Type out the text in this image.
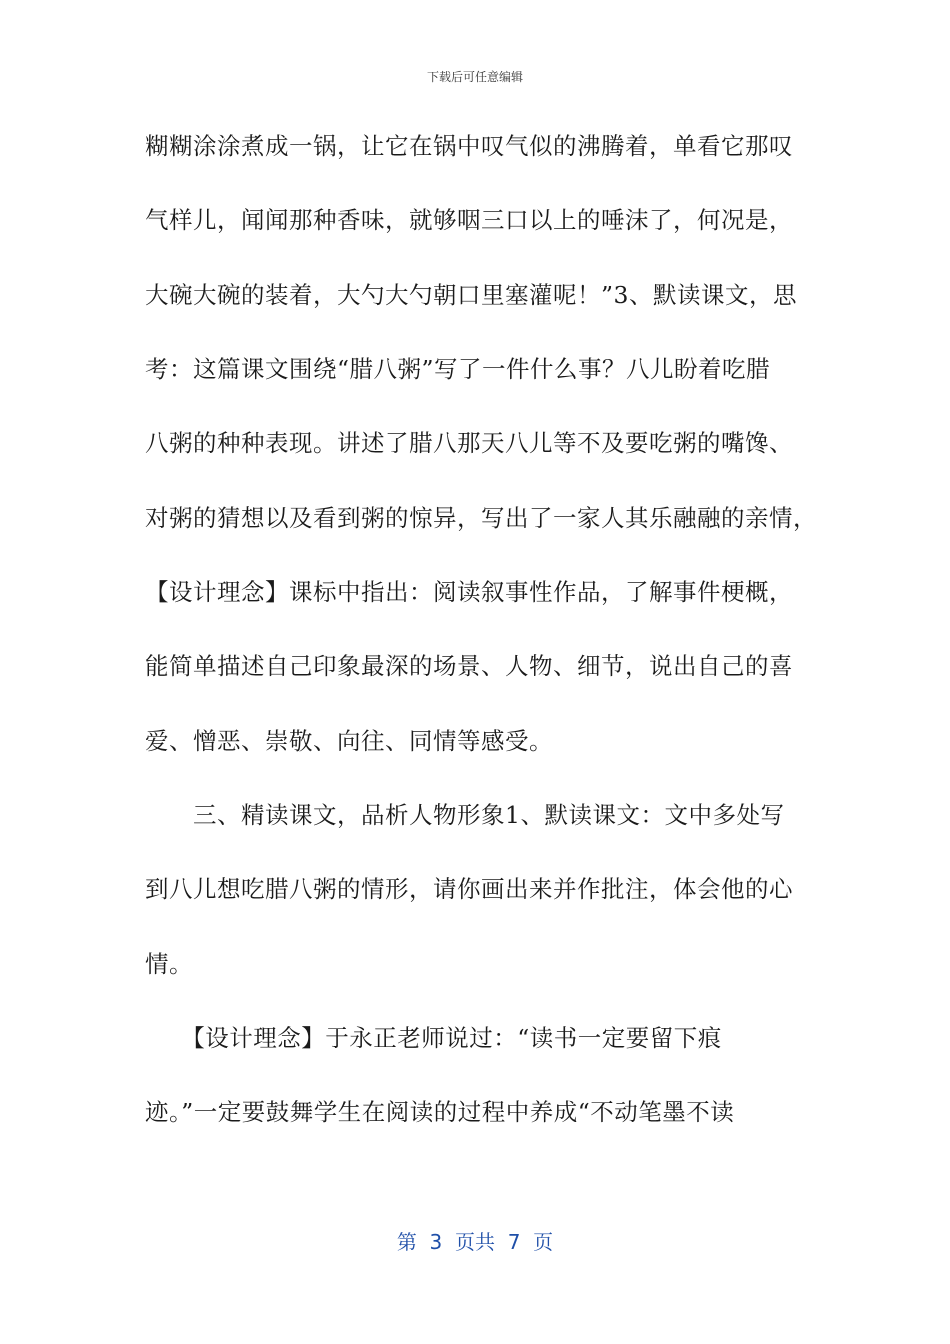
下载后可任意编辑
糊糊涂涂煮成一锅，让它在锅中叹气似的沸腾着，单看它那叹
气样儿，闻闻那种香味，就够咽三口以上的唾沫了，何况是，
大碗大碗的装着，大勺大勺朝口里塞灌呢！”3、默读课文，思
考：这篇课文围绕“腊八粥”写了一件什么事？八儿盼着吃腊
八粥的种种表现。讲述了腊八那天八儿等不及要吃粥的嘴馋、
对粥的猜想以及看到粥的惊异，写出了一家人其乐融融的亲情，
【设计理念】课标中指出：阅读叙事性作品，了解事件梗概，
能简单描述自己印象最深的场景、人物、细节，说出自己的喜
爱、憎恶、崇敬、向往、同情等感受。
　　三、精读课文，品析人物形象1、默读课文：文中多处写
到八儿想吃腊八粥的情形，请你画出来并作批注，体会他的心
情。
　　【设计理念】于永正老师说过：“读书一定要留下痕
迹。”一定要鼓舞学生在阅读的过程中养成“不动笔墨不读
第  3  页共  7  页
